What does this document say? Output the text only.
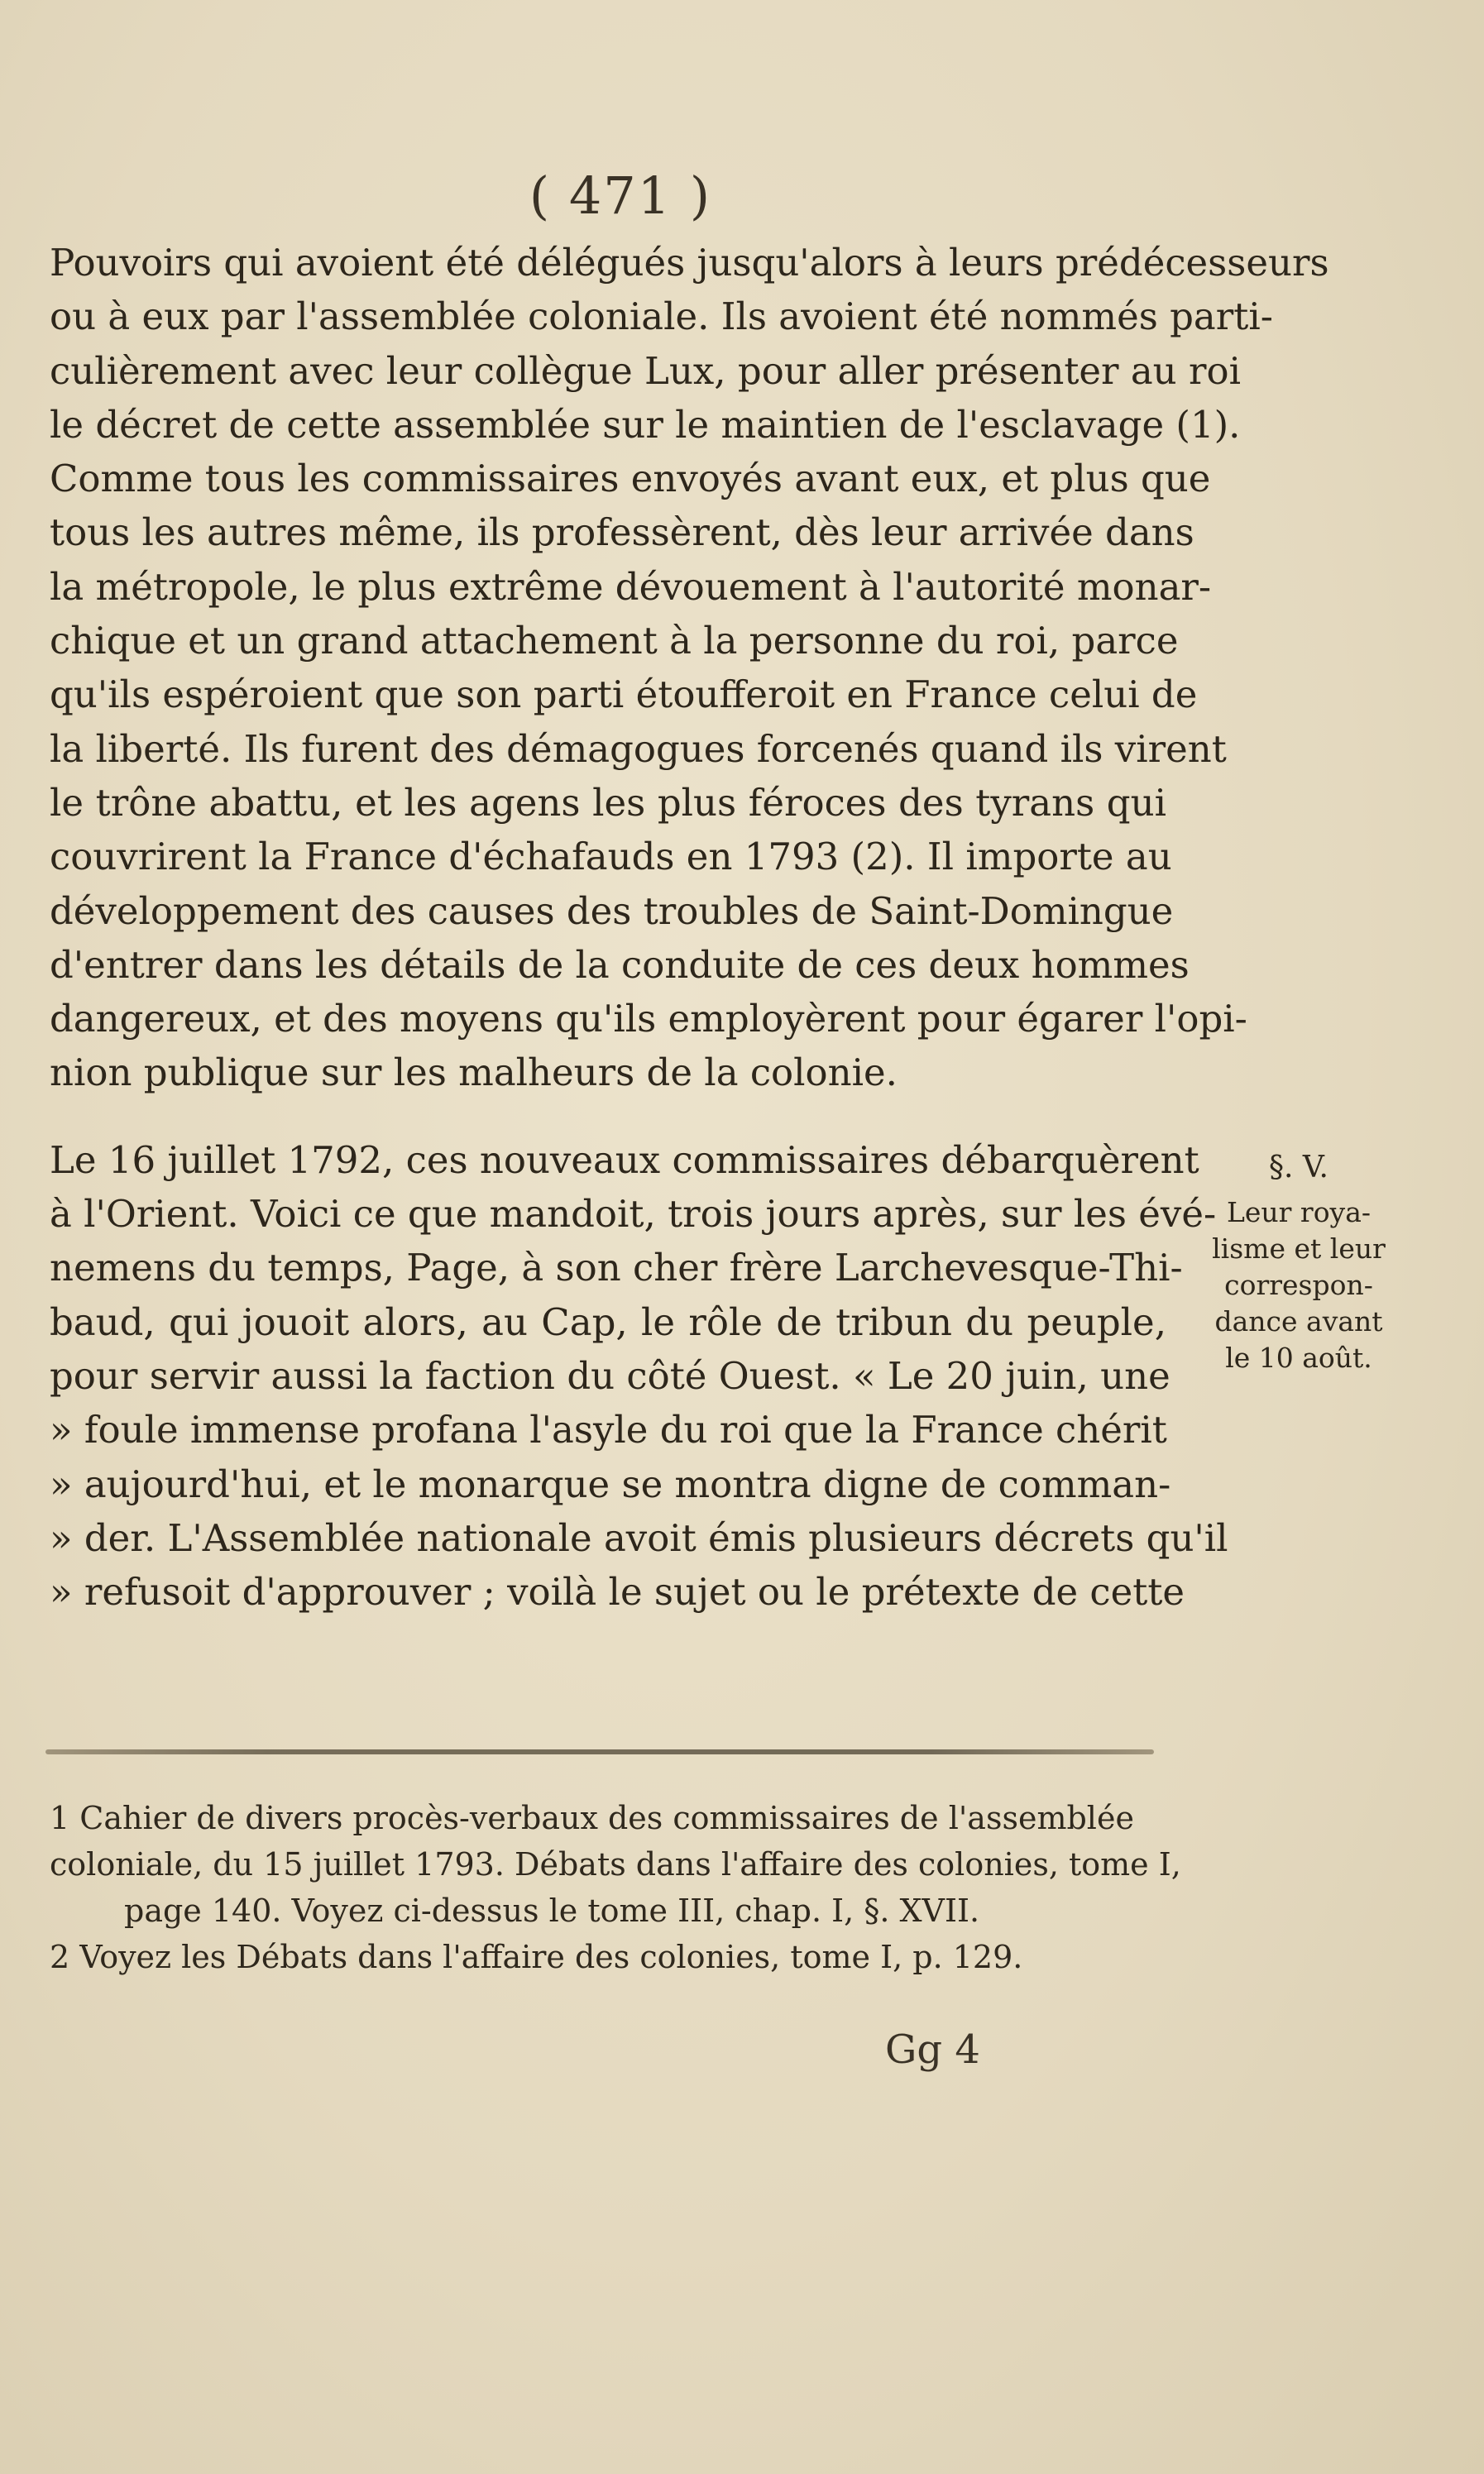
( 471 )
Pouvoirs qui avoient été délégués jusqu'alors à leurs prédécesseurs
ou à eux par l'assemblée coloniale. Ils avoient été nommés parti-
culièrement avec leur collègue Lux, pour aller présenter au roi
le décret de cette assemblée sur le maintien de l'esclavage (1).
Comme tous les commissaires envoyés avant eux, et plus que
tous les autres même, ils professèrent, dès leur arrivée dans
la métropole, le plus extrême dévouement à l'autorité monar-
chique et un grand attachement à la personne du roi, parce
qu'ils espéroient que son parti étoufferoit en France celui de
la liberté. Ils furent des démagogues forcenés quand ils virent
le trône abattu, et les agens les plus féroces des tyrans qui
couvrirent la France d'échafauds en 1793 (2). Il importe au
développement des causes des troubles de Saint-Domingue
d'entrer dans les détails de la conduite de ces deux hommes
dangereux, et des moyens qu'ils employèrent pour égarer l'opi-
nion publique sur les malheurs de la colonie.
Le 16 juillet 1792, ces nouveaux commissaires débarquèrent
à l'Orient. Voici ce que mandoit, trois jours après, sur les évé-
nemens du temps, Page, à son cher frère Larchevesque-Thi-
baud, qui jouoit alors, au Cap, le rôle de tribun du peuple,
pour servir aussi la faction du côté Ouest. « Le 20 juin, une
» foule immense profana l'asyle du roi que la France chérit
» aujourd'hui, et le monarque se montra digne de comman-
» der. L'Assemblée nationale avoit émis plusieurs décrets qu'il
» refusoit d'approuver ; voilà le sujet ou le prétexte de cette
§. V.
Leur roya-
lisme et leur
correspon-
dance avant
le 10 août.
1 Cahier de divers procès-verbaux des commissaires de l'assemblée
coloniale, du 15 juillet 1793. Débats dans l'affaire des colonies, tome I,
page 140. Voyez ci-dessus le tome III, chap. I, §. XVII.
2 Voyez les Débats dans l'affaire des colonies, tome I, p. 129.
Gg 4
